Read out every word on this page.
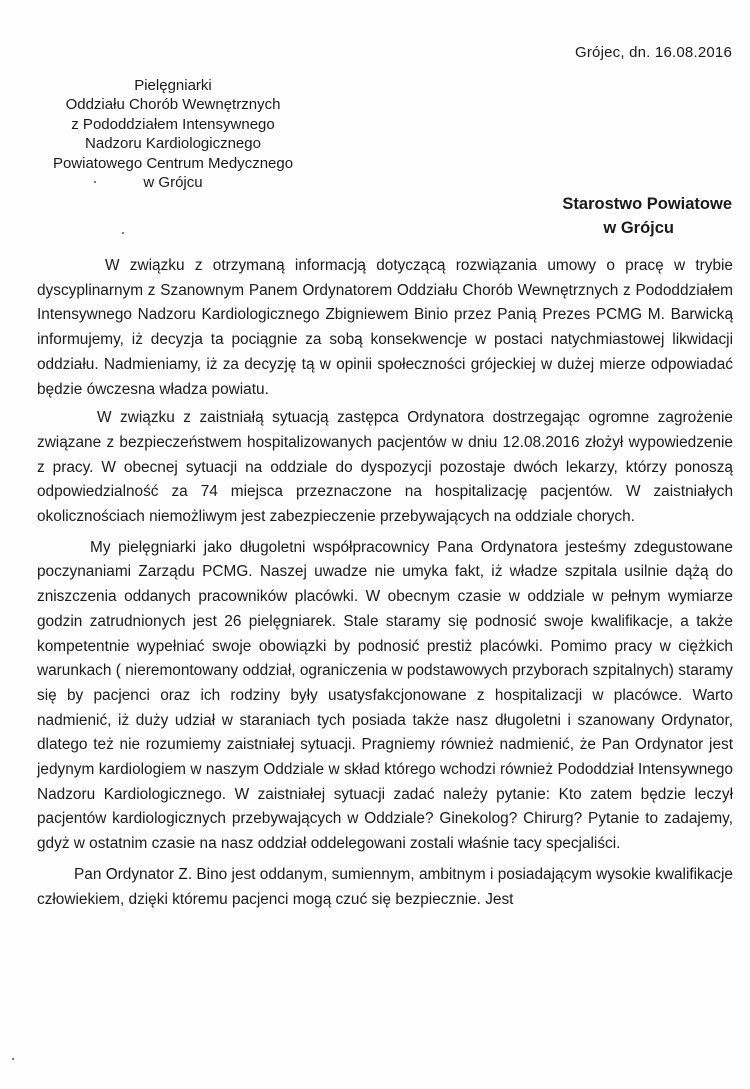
Grójec, dn. 16.08.2016
Pielęgniarki
Oddziału Chorób Wewnętrznych
z Pododdziałem Intensywnego
Nadzoru Kardiologicznego
Powiatowego Centrum Medycznego
w Grójcu
Starostwo Powiatowe
w Grójcu

W związku z otrzymaną informacją dotyczącą rozwiązania umowy o pracę w trybie dyscyplinarnym z Szanownym Panem Ordynatorem Oddziału Chorób Wewnętrznych z Pododdziałem Intensywnego Nadzoru Kardiologicznego Zbigniewem Binio przez Panią Prezes PCMG M. Barwicką informujemy, iż decyzja ta pociągnie za sobą konsekwencje w postaci natychmiastowej likwidacji oddziału. Nadmieniamy, iż za decyzję tą w opinii społeczności grójeckiej w dużej mierze odpowiadać będzie ówczesna władza powiatu.

W związku z zaistniałą sytuacją zastępca Ordynatora dostrzegając ogromne zagrożenie związane z bezpieczeństwem hospitalizowanych pacjentów w dniu 12.08.2016 złożył wypowiedzenie z pracy. W obecnej sytuacji na oddziale do dyspozycji pozostaje dwóch lekarzy, którzy ponoszą odpowiedzialność za 74 miejsca przeznaczone na hospitalizację pacjentów. W zaistniałych okolicznościach niemożliwym jest zabezpieczenie przebywających na oddziale chorych.

My pielęgniarki jako długoletni współpracownicy Pana Ordynatora jesteśmy zdegustowane poczynaniami Zarządu PCMG. Naszej uwadze nie umyka fakt, iż władze szpitala usilnie dążą do zniszczenia oddanych pracowników placówki. W obecnym czasie w oddziale w pełnym wymiarze godzin zatrudnionych jest 26 pielęgniarek. Stale staramy się podnosić swoje kwalifikacje, a także kompetentnie wypełniać swoje obowiązki by podnosić prestiż placówki. Pomimo pracy w ciężkich warunkach ( nieremontowany oddział, ograniczenia w podstawowych przyborach szpitalnych) staramy się by pacjenci oraz ich rodziny były usatysfakcjonowane z hospitalizacji w placówce. Warto nadmienić, iż duży udział w staraniach tych posiada także nasz długoletni i szanowany Ordynator, dlatego też nie rozumiemy zaistniałej sytuacji. Pragniemy również nadmienić, że Pan Ordynator jest jedynym kardiologiem w naszym Oddziale w skład którego wchodzi również Pododdział Intensywnego Nadzoru Kardiologicznego. W zaistniałej sytuacji zadać należy pytanie: Kto zatem będzie leczył pacjentów kardiologicznych przebywających w Oddziale? Ginekolog? Chirurg? Pytanie to zadajemy, gdyż w ostatnim czasie na nasz oddział oddelegowani zostali właśnie tacy specjaliści.

Pan Ordynator Z. Bino jest oddanym, sumiennym, ambitnym i posiadającym wysokie kwalifikacje człowiekiem, dzięki któremu pacjenci mogą czuć się bezpiecznie. Jest
